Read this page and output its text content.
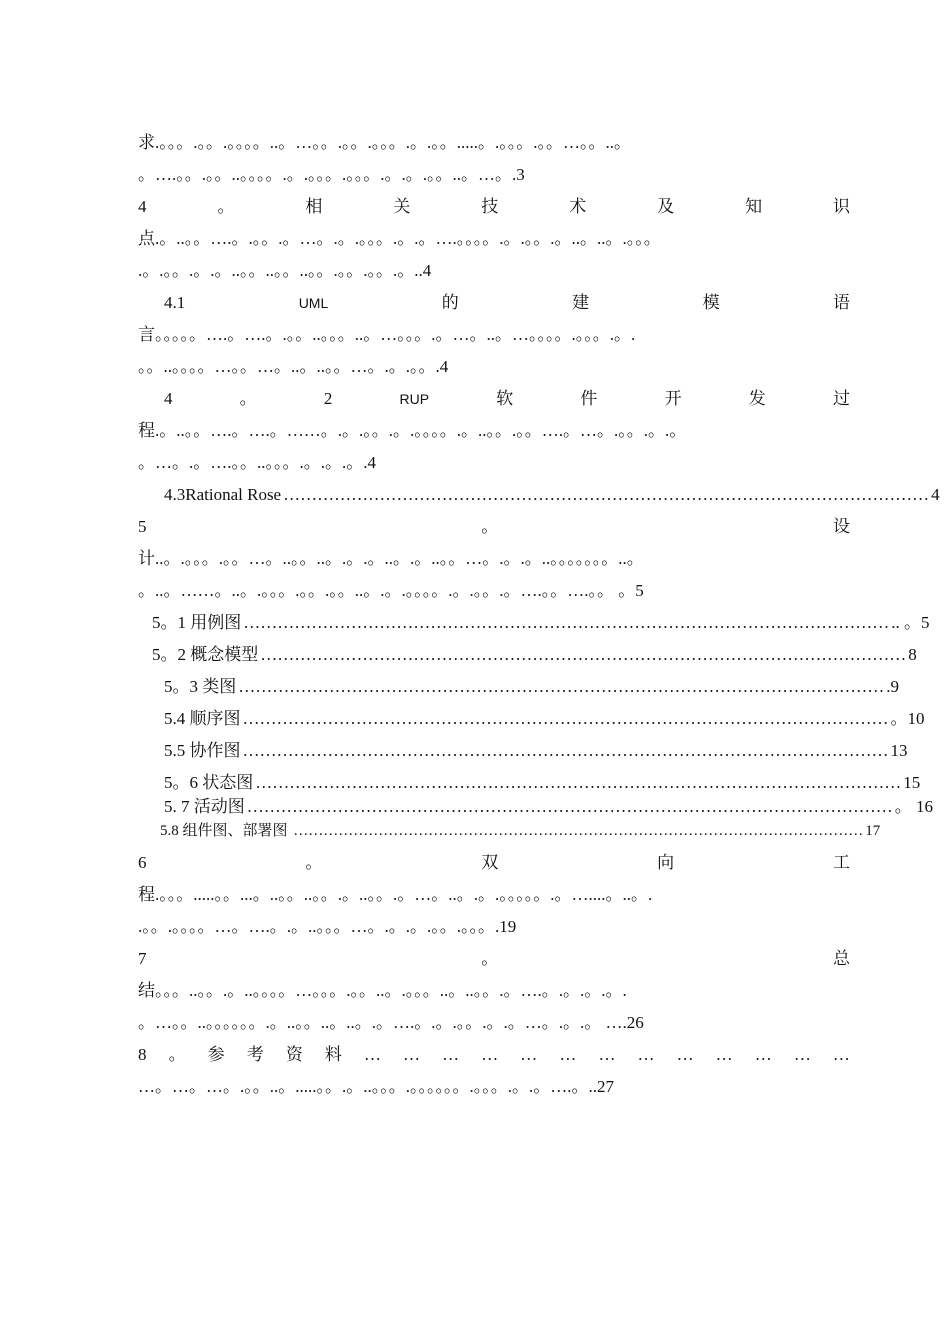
求.。。。.。。.。。。。..。…。。.。。.。。。.。.。。.....。.。。。.。。…。。..。
。….。。.。。..。。。。.。.。。。.。。。.。.。.。。..。…。.3
4	。	相	关	技	术	及	知	识
点.。..。。….。.。。.。…。.。.。。。.。.。….。。。。.。.。。.。..。..。.。。。
.。.。。.。.。..。。..。。..。。.。。.。。.。..4
4.1	UML	的	建	模	语
言。。。。。….。….。.。。..。。。..。…。。。.。…。..。…。。。。.。。。.。.
。。..。。。。…。。…。..。..。。…。.。.。。.4
4	。	2	RUP	软	件	开	发	过
程.。..。。….。….。……。.。.。。.。.。。。。.。..。。.。。….。…。.。。.。.。
。…。.。….。。..。。。.。.。.。.4
4.3Rational Rose …………………………………………………………………………………………………… 4
5	。	设
计..。.。。。.。。…。..。。..。.。.。..。.。..。。…。.。.。..。。。。。。。..。
。..。……。..。.。。。.。。.。。..。.。.。。。。.。.。。.。….。。….。。 。5
5。1 用例图 …………………………………………………………………………………………………… .. 。5
5。2 概念模型 …………………………………………………………………………………………………… 8
5。3 类图 …………………………………………………………………………………………………… .9
5.4 顺序图 …………………………………………………………………………………………………… 。10
5.5 协作图 …………………………………………………………………………………………………… 13
5。6 状态图 …………………………………………………………………………………………………… 15
5. 7 活动图 …………………………………………………………………………………………………… 。 16
5.8 组件图、部署图 …………………………………………………………………………………………………… 17
6	。	双	向	工
程.。。。.....。。...。..。。..。。.。..。。.。…。..。.。.。。。。。.。…....。..。.
.。。.。。。。…。….。.。..。。。…。.。.。.。。.。。。.19
7	。	总
结。。。..。。.。..。。。。…。。。.。。..。.。。。..。..。。.。….。.。.。.。.
。…。。..。。。。。。.。..。。..。..。.。….。.。.。。.。.。…。.。.。 ….26
8 。 参 考 资 料 … … … … … … … … … … … … …
…。…。…。.。。..。.....。。.。..。。。.。。。。。。.。。。.。.。….。..27
